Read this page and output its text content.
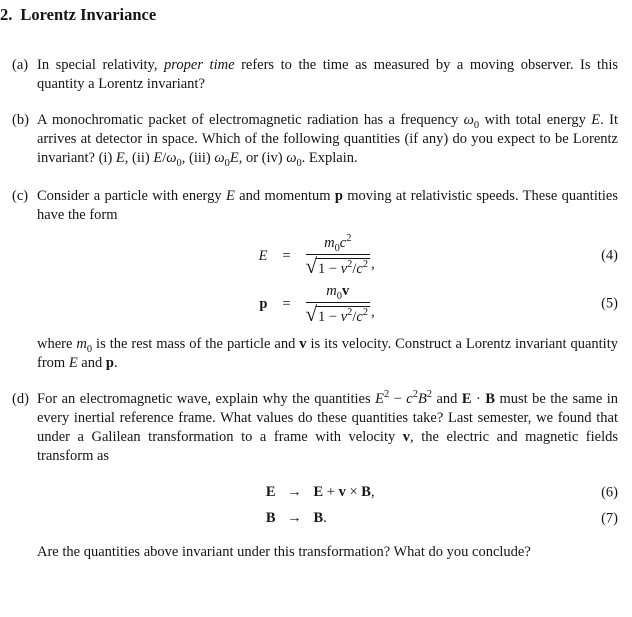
2. Lorentz Invariance
(a) In special relativity, proper time refers to the time as measured by a moving observer. Is this quantity a Lorentz invariant?

(b) A monochromatic packet of electromagnetic radiation has a frequency $\omega_0$ with total energy E. It arrives at detector in space. Which of the following quantities (if any) do you expect to be Lorentz invariant? (i) E, (ii) $E/\omega_0$, (iii) $\omega_0E$, or (iv) $\omega_0$. Explain.

(c) Consider a particle with energy E and momentum p moving at relativistic speeds. These quantities have the form

E	=	$\frac{m_0c^2}{√ 1 - v^2/c^2}$ ,	(4)
p	=	$\frac{m_0v}{√ 1 - v^2/c^2}$ ,	(5)

where $m_0$ is the rest mass of the particle and v is its velocity. Construct a Lorentz invariant quantity from E and p.

(d) For an electromagnetic wave, explain why the quantities $E^2 - c^2B^2$ and E · B must be the same in every inertial reference frame. What values do these quantities take? Last semester, we found that under a Galilean transformation to a frame with velocity v, the electric and magnetic fields transform as

E → E + v × B,	(6)
B → B.	(7)

Are the quantities above invariant under this transformation? What do you conclude?
